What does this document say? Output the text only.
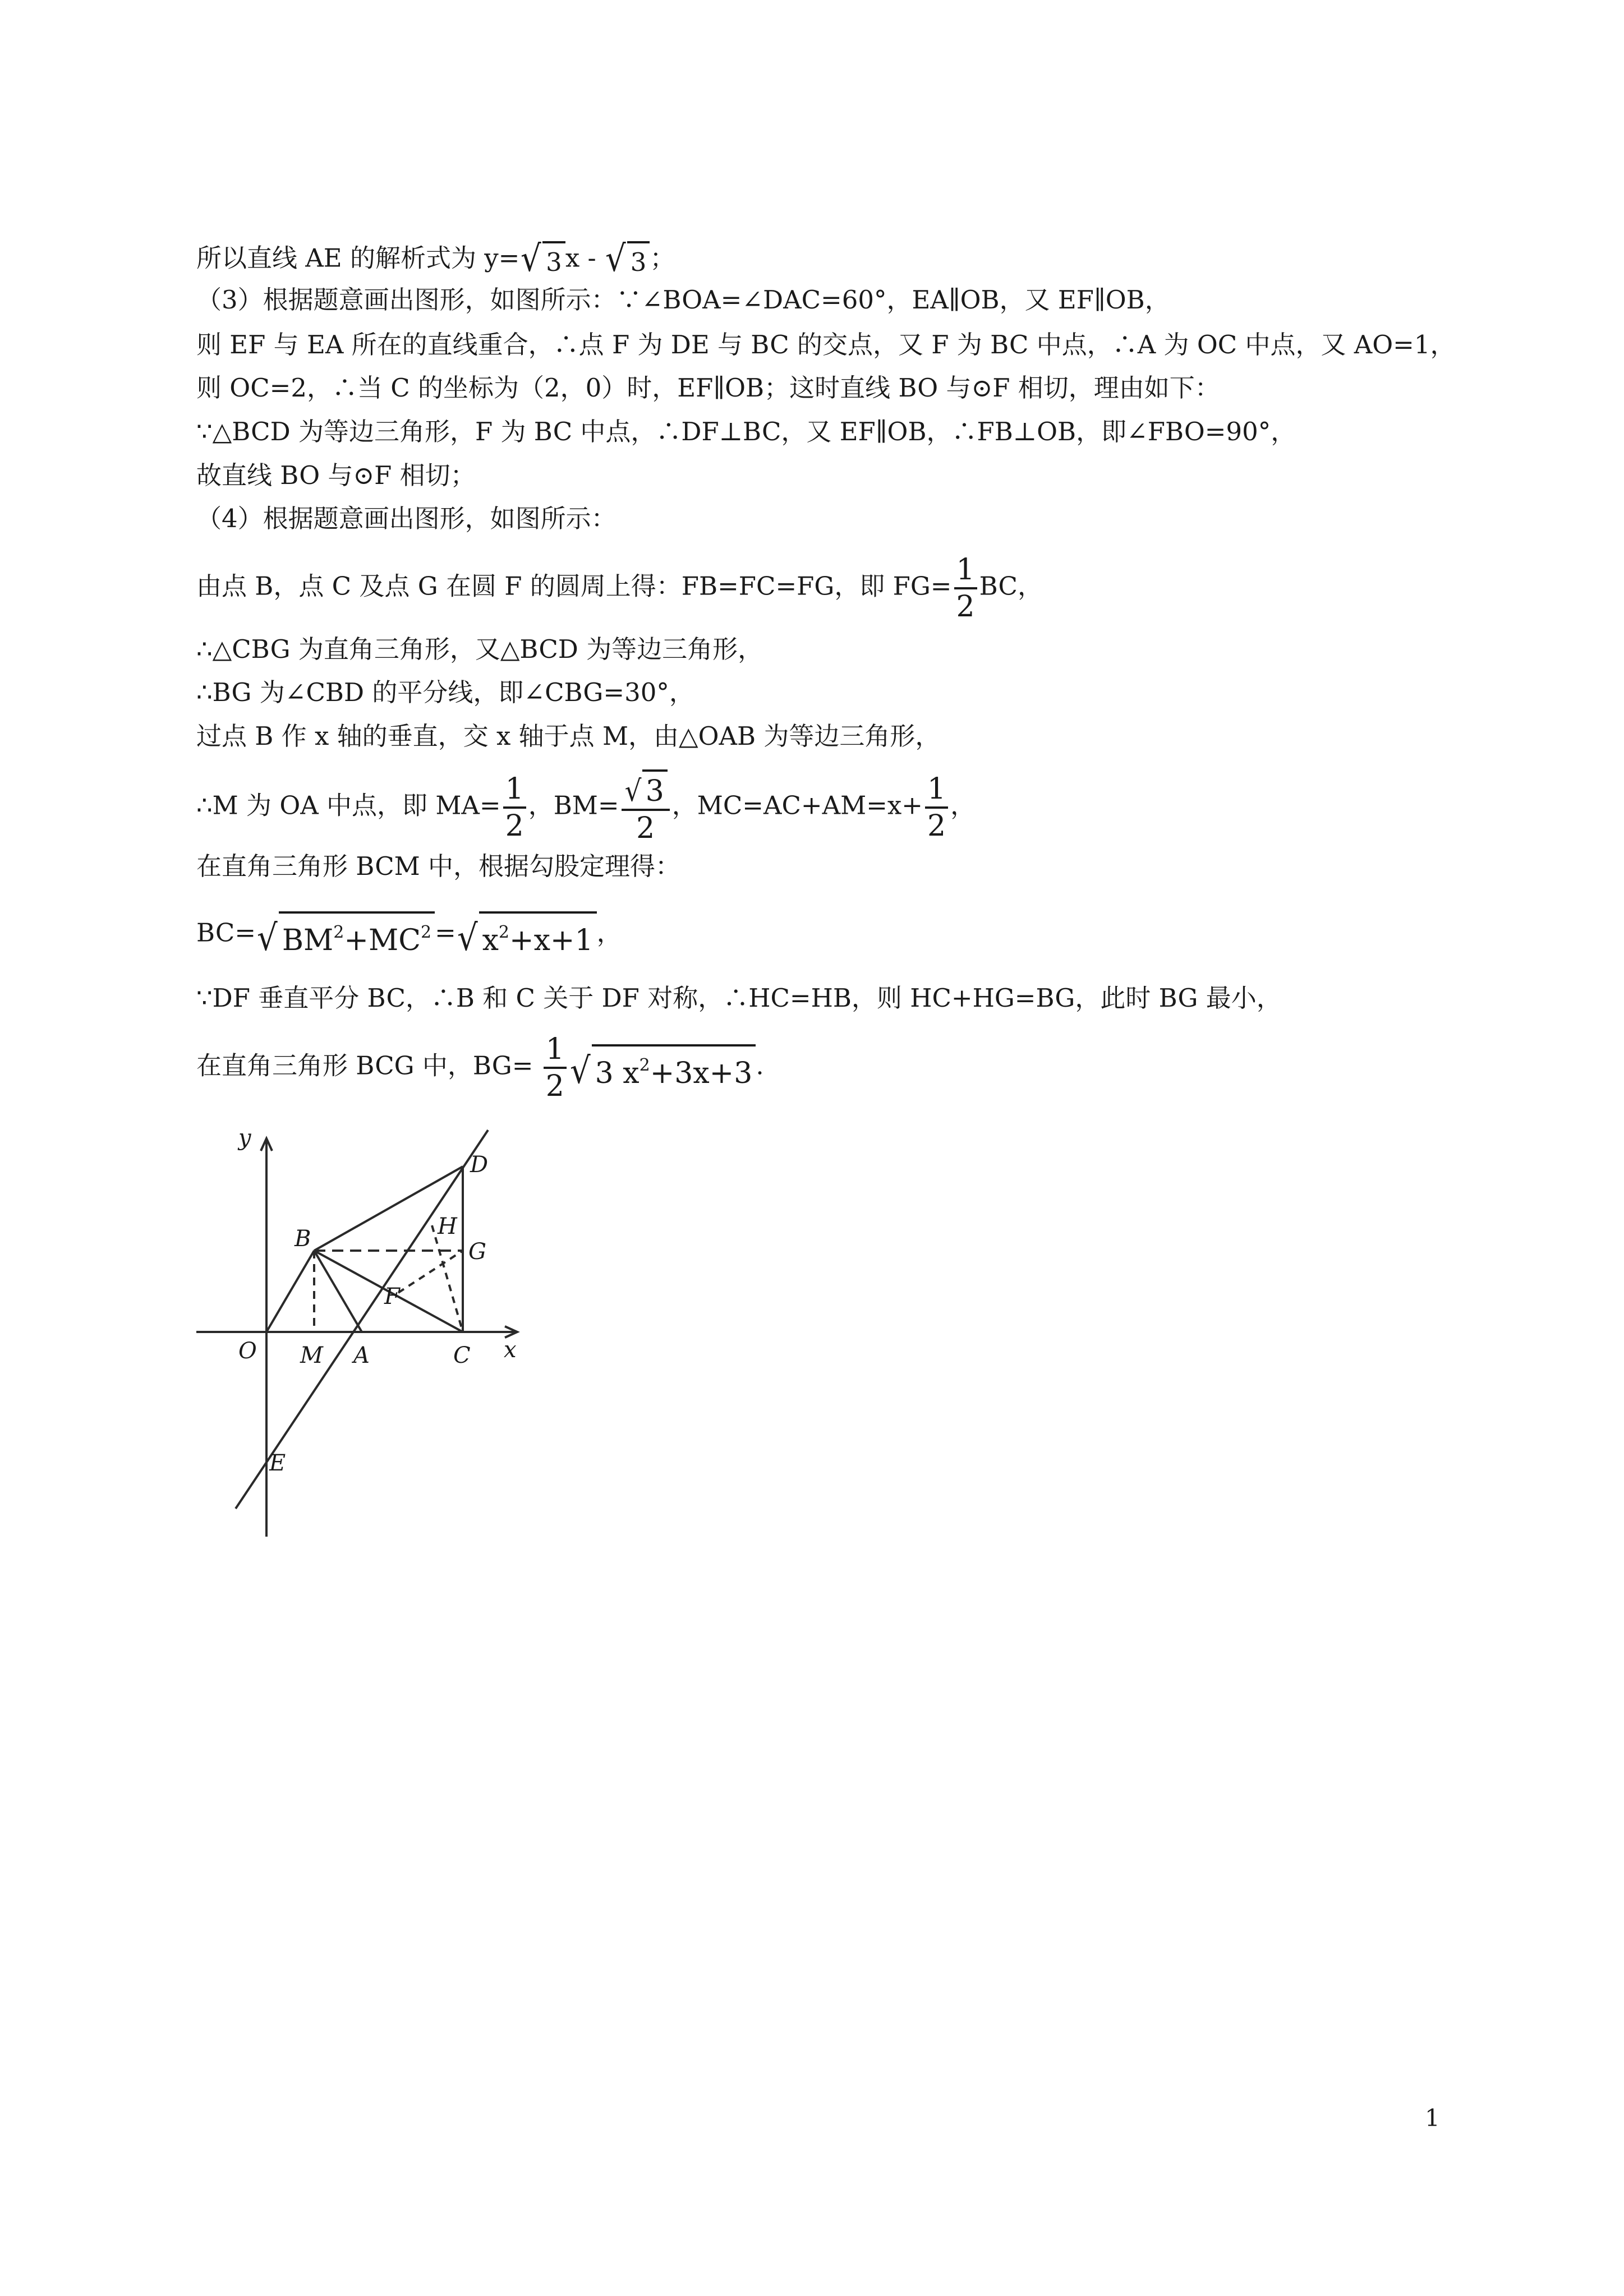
所以直线 AE 的解析式为 y=√ 3 x - √ 3 ；
（3）根据题意画出图形，如图所示：∵∠BOA=∠DAC=60°，EA∥OB，又 EF∥OB，
则 EF 与 EA 所在的直线重合，∴点 F 为 DE 与 BC 的交点，又 F 为 BC 中点，∴A 为 OC 中点，又 AO=1，
则 OC=2，∴当 C 的坐标为（2，0）时，EF∥OB；这时直线 BO 与⊙F 相切，理由如下：
∵△BCD 为等边三角形，F 为 BC 中点，∴DF⊥BC，又 EF∥OB，∴FB⊥OB，即∠FBO=90°，
故直线 BO 与⊙F 相切；
（4）根据题意画出图形，如图所示：
由点 B，点 C 及点 G 在圆 F 的圆周上得：FB=FC=FG，即 $FG= \frac{1}{2}$ BC，
∴△CBG 为直角三角形，又△BCD 为等边三角形，
∴BG 为∠CBD 的平分线，即∠CBG=30°，
过点 B 作 x 轴的垂直，交 x 轴于点 M，由△OAB 为等边三角形，
∴M 为 OA 中点，即 $MA= \frac{1}{2}$ ，$BM= \frac{√ 3}{2}$ ，$MC=AC+AM=x+ \frac{1}{2}$ ，
在直角三角形 BCM 中，根据勾股定理得：
BC=√ $BM^2+MC^2$ =√ $x^2+x+1$ ，
∵DF 垂直平分 BC，∴B 和 C 关于 DF 对称，∴HC=HB，则 HC+HG=BG，此时 BG 最小，
在直角三角形 BCG 中，$BG= \frac{1}{2}$ √ 3 $x^2+3x+3$ .
y
x
O M A	C
B
D
H
G
F
E
1
